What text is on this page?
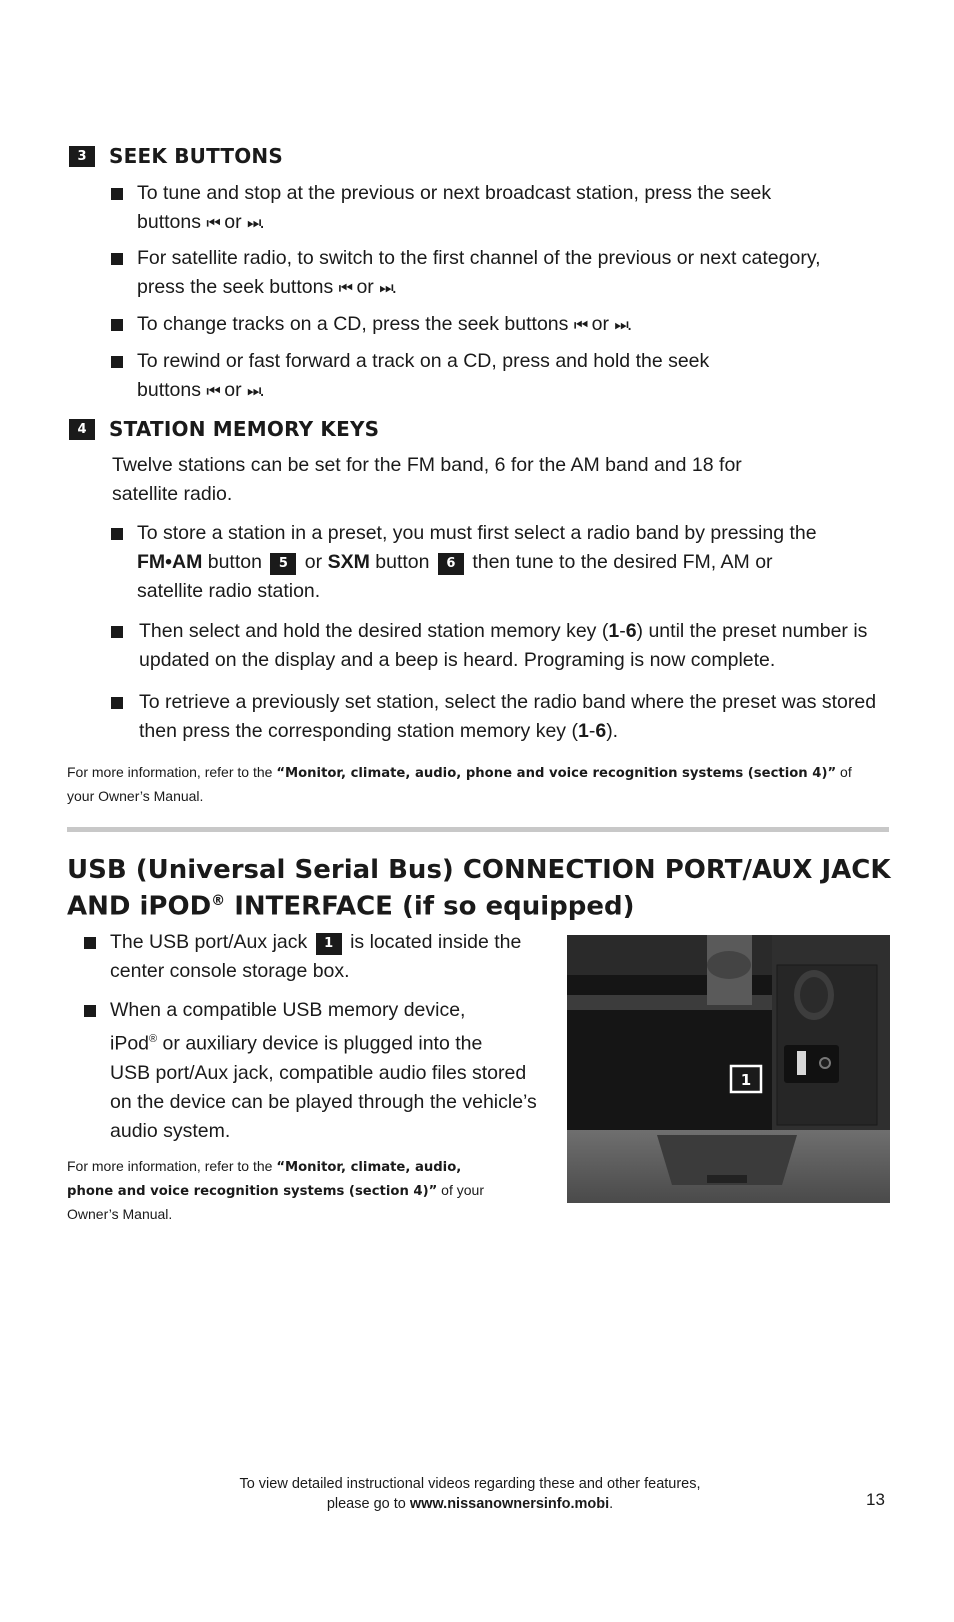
3	SEEK BUTTONS
To tune and stop at the previous or next broadcast station, press the seek
buttons ⏮ or ⏭.
For satellite radio, to switch to the first channel of the previous or next category,
press the seek buttons ⏮ or ⏭.
To change tracks on a CD, press the seek buttons ⏮ or ⏭.
To rewind or fast forward a track on a CD, press and hold the seek
buttons ⏮ or ⏭.
4	STATION MEMORY KEYS
Twelve stations can be set for the FM band, 6 for the AM band and 18 for
satellite radio.
To store a station in a preset, you must first select a radio band by pressing the
FM•AM button 5 or SXM button 6 then tune to the desired FM, AM or
satellite radio station.
Then select and hold the desired station memory key (1-6) until the preset number is
updated on the display and a beep is heard. Programing is now complete.
To retrieve a previously set station, select the radio band where the preset was stored
then press the corresponding station memory key (1-6).
For more information, refer to the “Monitor, climate, audio, phone and voice recognition systems (section 4)” of
your Owner’s Manual.
USB (Universal Serial Bus) CONNECTION PORT/AUX JACK
AND iPOD® INTERFACE (if so equipped)
The USB port/Aux jack 1 is located inside the
center console storage box.
When a compatible USB memory device,
iPod® or auxiliary device is plugged into the
USB port/Aux jack, compatible audio files stored
on the device can be played through the vehicle’s
audio system.
For more information, refer to the “Monitor, climate, audio,
phone and voice recognition systems (section 4)” of your
Owner’s Manual.
1
To view detailed instructional videos regarding these and other features,
please go to www.nissanownersinfo.mobi.	13
